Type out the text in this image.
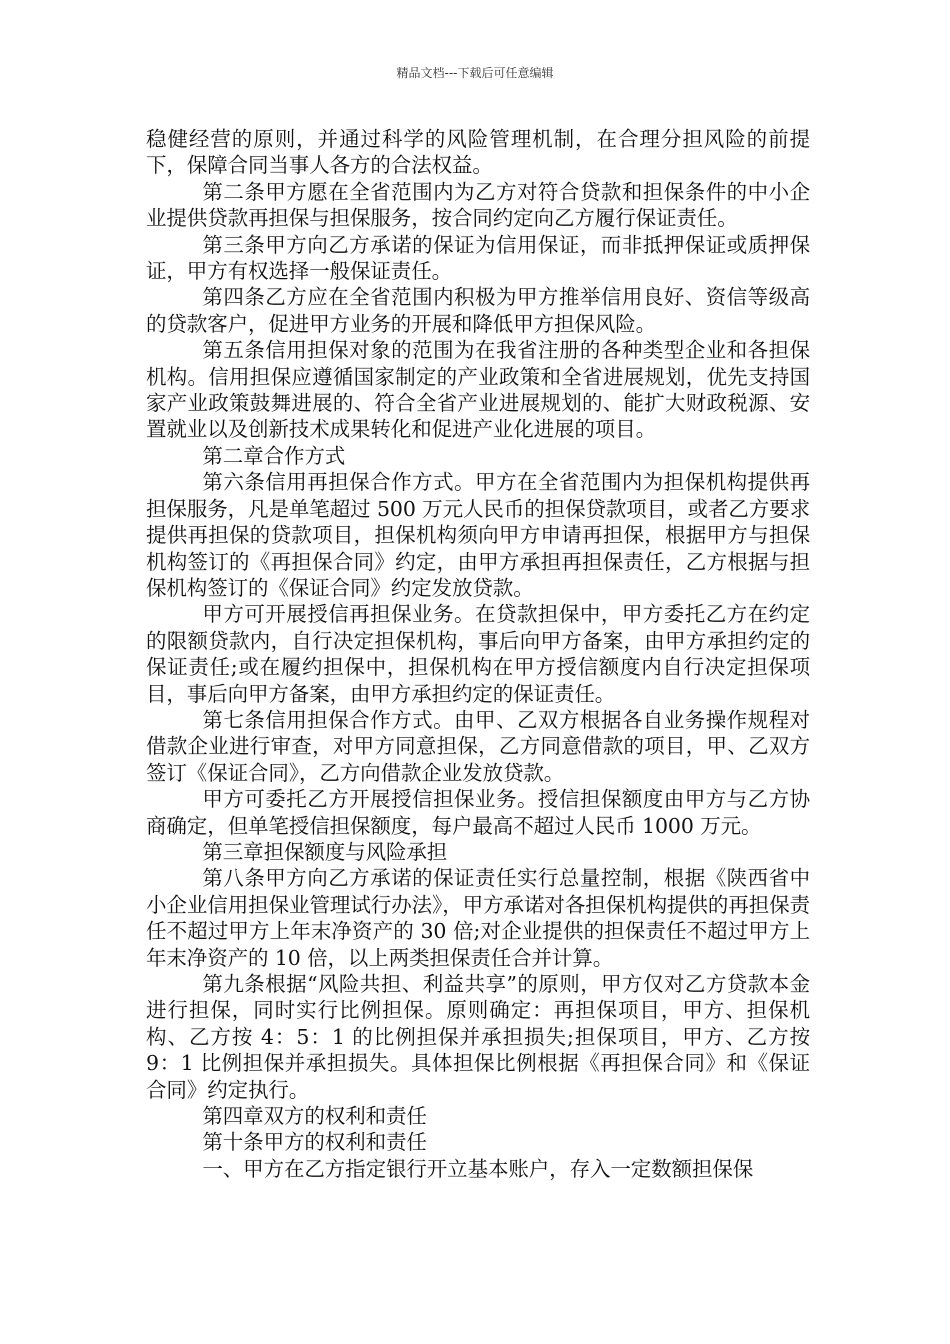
精品文档---下载后可任意编辑

稳健经营的原则，并通过科学的风险管理机制，在合理分担风险的前提下，保障合同当事人各方的合法权益。

第二条甲方愿在全省范围内为乙方对符合贷款和担保条件的中小企业提供贷款再担保与担保服务，按合同约定向乙方履行保证责任。

第三条甲方向乙方承诺的保证为信用保证，而非抵押保证或质押保证，甲方有权选择一般保证责任。

第四条乙方应在全省范围内积极为甲方推举信用良好、资信等级高的贷款客户，促进甲方业务的开展和降低甲方担保风险。

第五条信用担保对象的范围为在我省注册的各种类型企业和各担保机构。信用担保应遵循国家制定的产业政策和全省进展规划，优先支持国家产业政策鼓舞进展的、符合全省产业进展规划的、能扩大财政税源、安置就业以及创新技术成果转化和促进产业化进展的项目。

第二章合作方式

第六条信用再担保合作方式。甲方在全省范围内为担保机构提供再担保服务，凡是单笔超过 500 万元人民币的担保贷款项目，或者乙方要求提供再担保的贷款项目，担保机构须向甲方申请再担保，根据甲方与担保机构签订的《再担保合同》约定，由甲方承担再担保责任，乙方根据与担保机构签订的《保证合同》约定发放贷款。

甲方可开展授信再担保业务。在贷款担保中，甲方委托乙方在约定的限额贷款内，自行决定担保机构，事后向甲方备案，由甲方承担约定的保证责任;或在履约担保中，担保机构在甲方授信额度内自行决定担保项目，事后向甲方备案，由甲方承担约定的保证责任。

第七条信用担保合作方式。由甲、乙双方根据各自业务操作规程对借款企业进行审查，对甲方同意担保，乙方同意借款的项目，甲、乙双方签订《保证合同》，乙方向借款企业发放贷款。

甲方可委托乙方开展授信担保业务。授信担保额度由甲方与乙方协商确定，但单笔授信担保额度，每户最高不超过人民币 1000 万元。

第三章担保额度与风险承担

第八条甲方向乙方承诺的保证责任实行总量控制，根据《陕西省中小企业信用担保业管理试行办法》，甲方承诺对各担保机构提供的再担保责任不超过甲方上年末净资产的 30 倍;对企业提供的担保责任不超过甲方上年末净资产的 10 倍，以上两类担保责任合并计算。

第九条根据“风险共担、利益共享”的原则，甲方仅对乙方贷款本金进行担保，同时实行比例担保。原则确定：再担保项目，甲方、担保机构、乙方按 4：5：1 的比例担保并承担损失;担保项目，甲方、乙方按 9：1 比例担保并承担损失。具体担保比例根据《再担保合同》和《保证合同》约定执行。

第四章双方的权利和责任

第十条甲方的权利和责任

一、甲方在乙方指定银行开立基本账户，存入一定数额担保保
